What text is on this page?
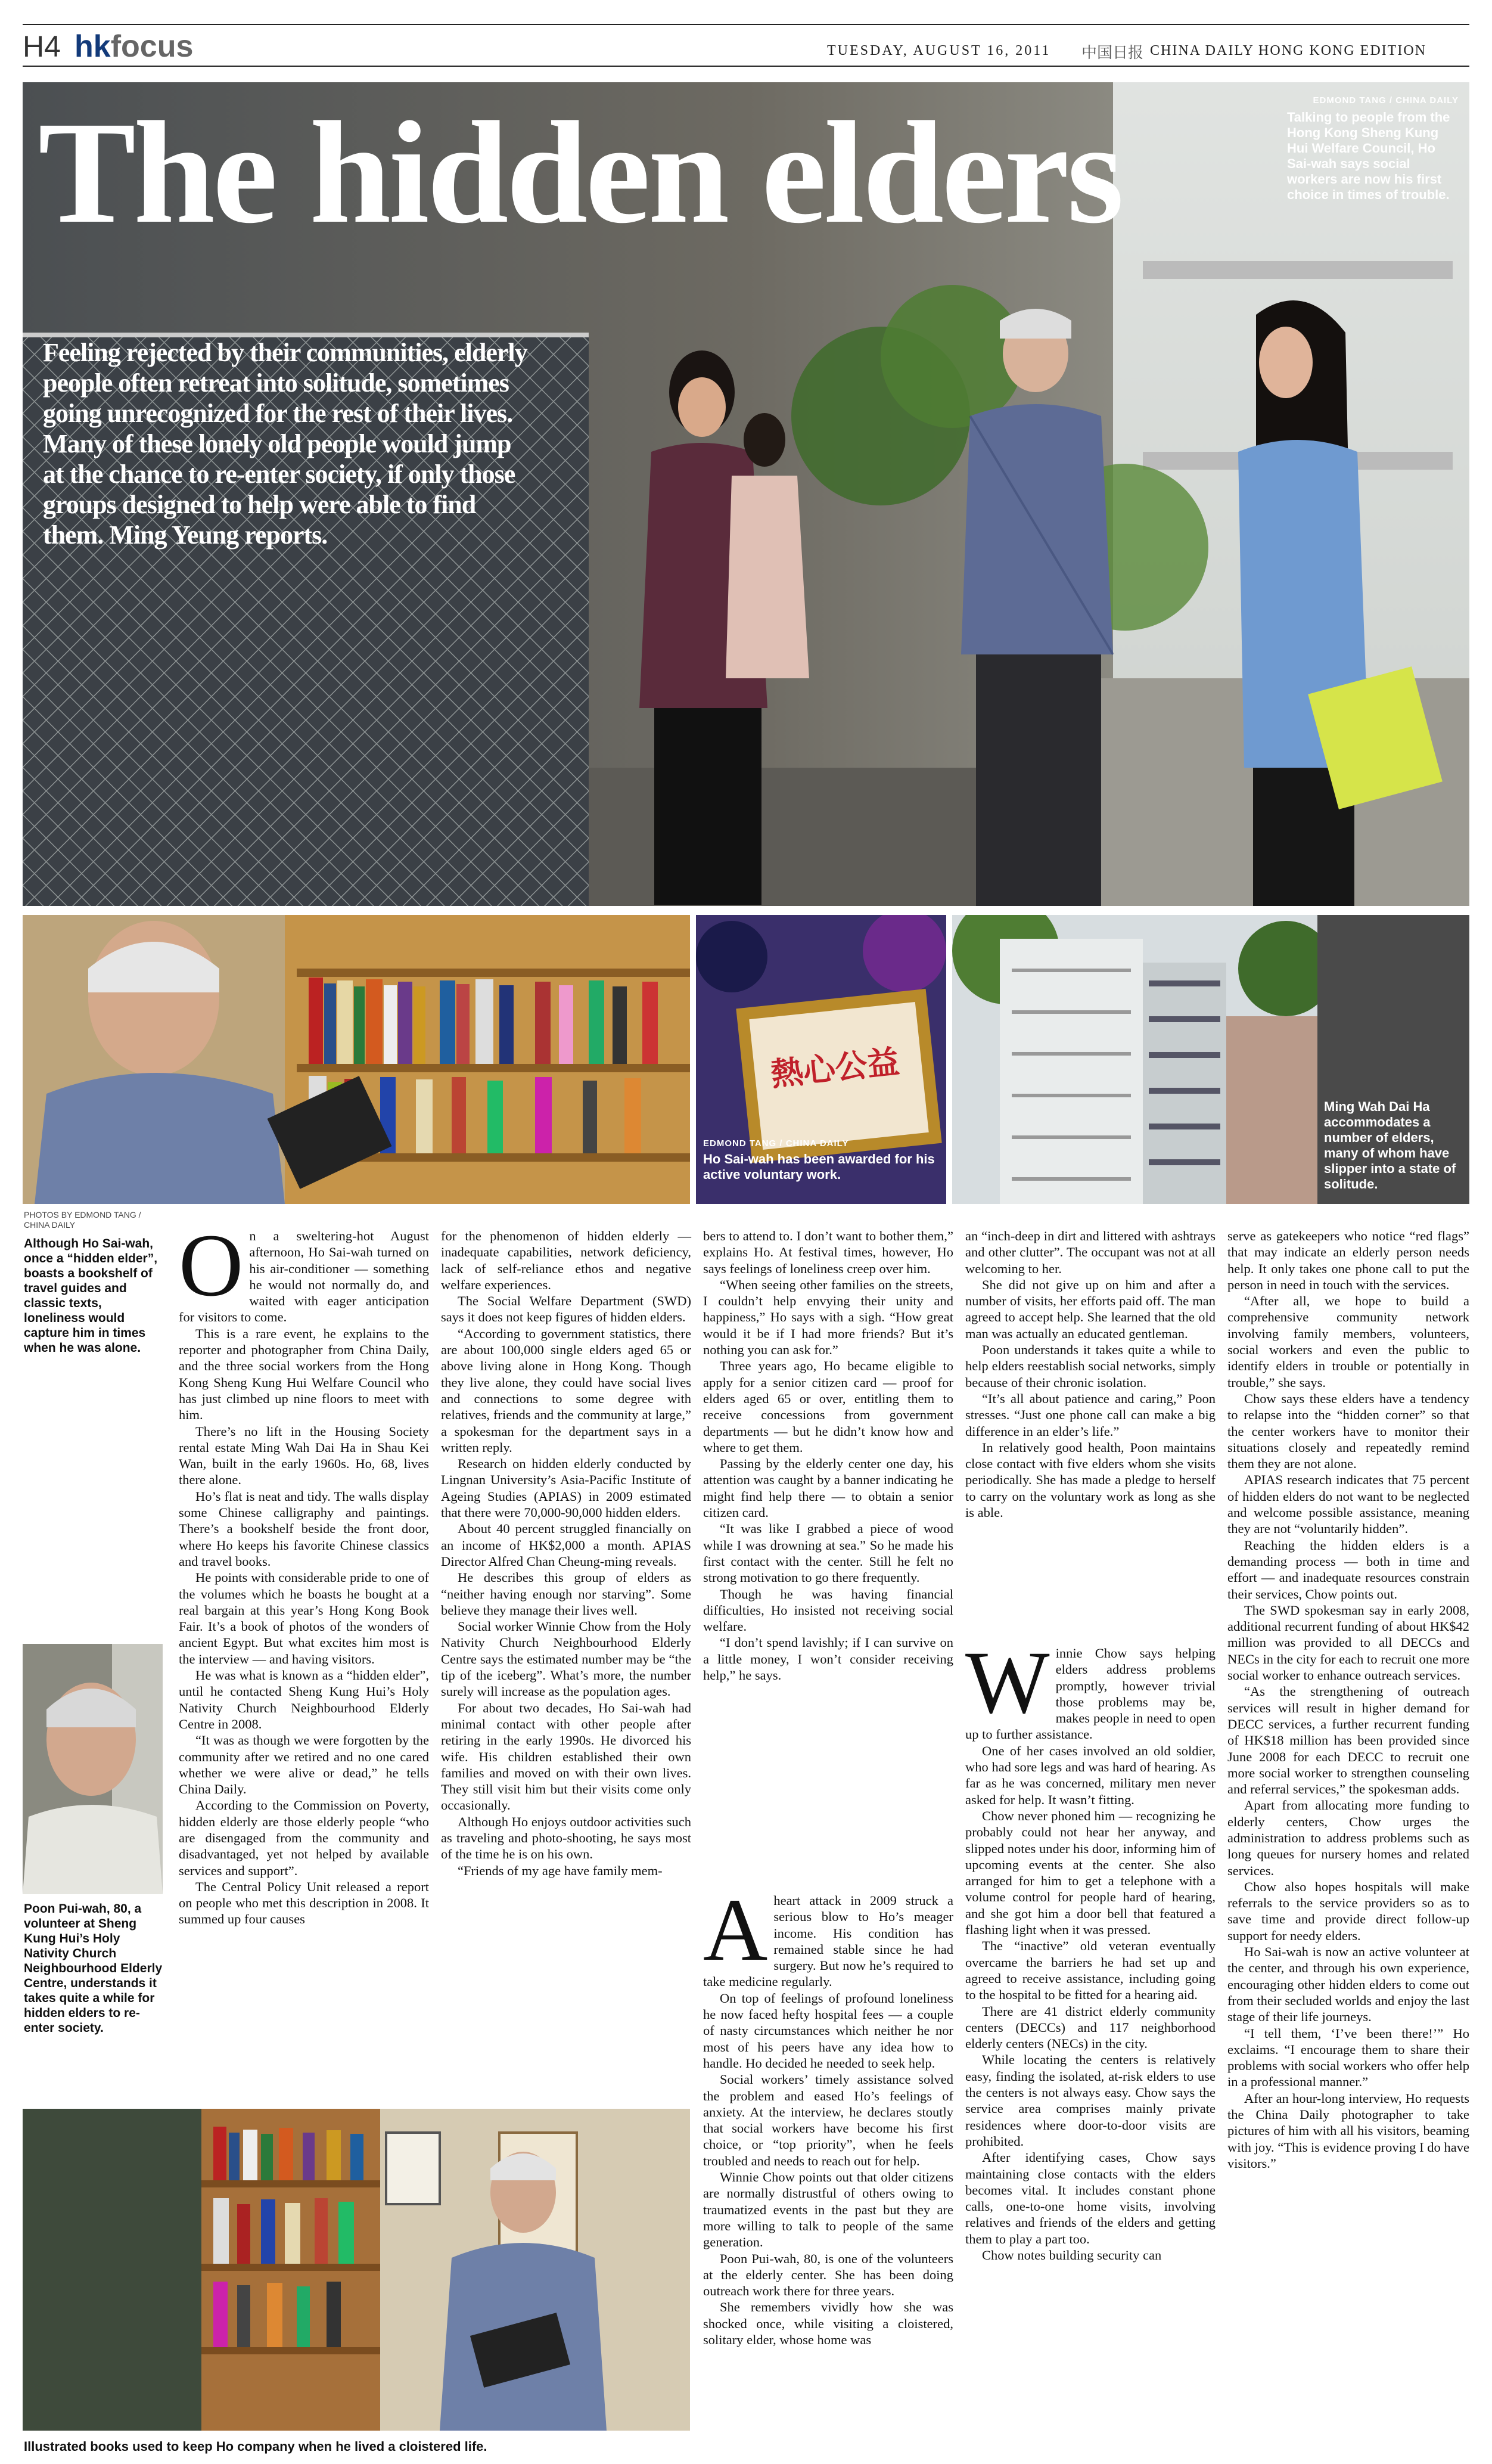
H4 hkfocus	TUESDAY, AUGUST 16, 2011 中国日报 CHINA DAILY HONG KONG EDITION
The hidden elders
Feeling rejected by their communities, elderly people often retreat into solitude, sometimes going unrecognized for the rest of their lives. Many of these lonely old people would jump at the chance to re-enter society, if only those groups designed to help were able to find them. Ming Yeung reports.
EDMOND TANG / CHINA DAILY
Talking to people from the Hong Kong Sheng Kung Hui Welfare Council, Ho Sai-wah says social workers are now his first choice in times of trouble.
熱心公益
EDMOND TANG / CHINA DAILY
Ho Sai-wah has been awarded for his active voluntary work.
Ming Wah Dai Ha accommodates a number of elders, many of whom have slipper into a state of solitude.
PHOTOS BY EDMOND TANG / CHINA DAILY
Although Ho Sai-wah, once a “hidden elder”, boasts a bookshelf of travel guides and classic texts, loneliness would capture him in times when he was alone.
Poon Pui-wah, 80, a volunteer at Sheng Kung Hui’s Holy Nativity Church Neighbourhood Elderly Centre, understands it takes quite a while for hidden elders to re-enter society.
Illustrated books used to keep Ho company when he lived a cloistered life.
O n a sweltering-hot August afternoon, Ho Sai-wah turned on his air-conditioner — something he would not normally do, and waited with eager anticipation for visitors to come.

This is a rare event, he explains to the reporter and photographer from China Daily, and the three social workers from the Hong Kong Sheng Kung Hui Welfare Council who has just climbed up nine floors to meet with him.

There’s no lift in the Housing Society rental estate Ming Wah Dai Ha in Shau Kei Wan, built in the early 1960s. Ho, 68, lives there alone.

Ho’s flat is neat and tidy. The walls display some Chinese calligraphy and paintings. There’s a bookshelf beside the front door, where Ho keeps his favorite Chinese classics and travel books.

He points with considerable pride to one of the volumes which he boasts he bought at a real bargain at this year’s Hong Kong Book Fair. It’s a book of photos of the wonders of ancient Egypt. But what excites him most is the interview — and having visitors.

He was what is known as a “hidden elder”, until he contacted Sheng Kung Hui’s Holy Nativity Church Neighbourhood Elderly Centre in 2008.

“It was as though we were forgotten by the community after we retired and no one cared whether we were alive or dead,” he tells China Daily.

According to the Commission on Poverty, hidden elderly are those elderly people “who are disengaged from the community and disadvantaged, yet not helped by available services and support”.

The Central Policy Unit released a report on people who met this description in 2008. It summed up four causes

for the phenomenon of hidden elderly — inadequate capabilities, network deficiency, lack of self-reliance ethos and negative welfare experiences.

The Social Welfare Department (SWD) says it does not keep figures of hidden elders.

“According to government statistics, there are about 100,000 single elders aged 65 or above living alone in Hong Kong. Though they live alone, they could have social lives and connections to some degree with relatives, friends and the community at large,” a spokesman for the department says in a written reply.

Research on hidden elderly conducted by Lingnan University’s Asia-Pacific Institute of Ageing Studies (APIAS) in 2009 estimated that there were 70,000-90,000 hidden elders.

About 40 percent struggled financially on an income of HK$2,000 a month. APIAS Director Alfred Chan Cheung-ming reveals.

He describes this group of elders as “neither having enough nor starving”. Some believe they manage their lives well.

Social worker Winnie Chow from the Holy Nativity Church Neighbourhood Elderly Centre says the estimated number may be “the tip of the iceberg”. What’s more, the number surely will increase as the population ages.

For about two decades, Ho Sai-wah had minimal contact with other people after retiring in the early 1990s. He divorced his wife. His children established their own families and moved on with their own lives. They still visit him but their visits come only occasionally.

Although Ho enjoys outdoor activities such as traveling and photo-shooting, he says most of the time he is on his own.

“Friends of my age have family mem-

bers to attend to. I don’t want to bother them,” explains Ho. At festival times, however, Ho says feelings of loneliness creep over him.

“When seeing other families on the streets, I couldn’t help envying their unity and happiness,” Ho says with a sigh. “How great would it be if I had more friends? But it’s nothing you can ask for.”

Three years ago, Ho became eligible to apply for a senior citizen card — proof for elders aged 65 or over, entitling them to receive concessions from government departments — but he didn’t know how and where to get them.

Passing by the elderly center one day, his attention was caught by a banner indicating he might find help there — to obtain a senior citizen card.

“It was like I grabbed a piece of wood while I was drowning at sea.” So he made his first contact with the center. Still he felt no strong motivation to go there frequently.

Though he was having financial difficulties, Ho insisted not receiving social welfare.

“I don’t spend lavishly; if I can survive on a little money, I won’t consider receiving help,” he says.

A heart attack in 2009 struck a serious blow to Ho’s meager income. His condition has remained stable since he had surgery. But now he’s required to take medicine regularly.

On top of feelings of profound loneliness he now faced hefty hospital fees — a couple of nasty circumstances which neither he nor most of his peers have any idea how to handle. Ho decided he needed to seek help.

Social workers’ timely assistance solved the problem and eased Ho’s feelings of anxiety. At the interview, he declares stoutly that social workers have become his first choice, or “top priority”, when he feels troubled and needs to reach out for help.

Winnie Chow points out that older citizens are normally distrustful of others owing to traumatized events in the past but they are more willing to talk to people of the same generation.

Poon Pui-wah, 80, is one of the volunteers at the elderly center. She has been doing outreach work there for three years.

She remembers vividly how she was shocked once, while visiting a cloistered, solitary elder, whose home was

an “inch-deep in dirt and littered with ashtrays and other clutter”. The occupant was not at all welcoming to her.

She did not give up on him and after a number of visits, her efforts paid off. The man agreed to accept help. She learned that the old man was actually an educated gentleman.

Poon understands it takes quite a while to help elders reestablish social networks, simply because of their chronic isolation.

“It’s all about patience and caring,” Poon stresses. “Just one phone call can make a big difference in an elder’s life.”

In relatively good health, Poon maintains close contact with five elders whom she visits periodically. She has made a pledge to herself to carry on the voluntary work as long as she is able.

W innie Chow says helping elders address problems promptly, however trivial those problems may be, makes people in need to open up to further assistance.

One of her cases involved an old soldier, who had sore legs and was hard of hearing. As far as he was concerned, military men never asked for help. It wasn’t fitting.

Chow never phoned him — recognizing he probably could not hear her anyway, and slipped notes under his door, informing him of upcoming events at the center. She also arranged for him to get a telephone with a volume control for people hard of hearing, and she got him a door bell that featured a flashing light when it was pressed.

The “inactive” old veteran eventually overcame the barriers he had set up and agreed to receive assistance, including going to the hospital to be fitted for a hearing aid.

There are 41 district elderly community centers (DECCs) and 117 neighborhood elderly centers (NECs) in the city.

While locating the centers is relatively easy, finding the isolated, at-risk elders to use the centers is not always easy. Chow says the service area comprises mainly private residences where door-to-door visits are prohibited.

After identifying cases, Chow says maintaining close contacts with the elders becomes vital. It includes constant phone calls, one-to-one home visits, involving relatives and friends of the elders and getting them to play a part too.

Chow notes building security can

serve as gatekeepers who notice “red flags” that may indicate an elderly person needs help. It only takes one phone call to put the person in need in touch with the services.

“After all, we hope to build a comprehensive community network involving family members, volunteers, social workers and even the public to identify elders in trouble or potentially in trouble,” she says.

Chow says these elders have a tendency to relapse into the “hidden corner” so that the center workers have to monitor their situations closely and repeatedly remind them they are not alone.

APIAS research indicates that 75 percent of hidden elders do not want to be neglected and welcome possible assistance, meaning they are not “voluntarily hidden”.

Reaching the hidden elders is a demanding process — both in time and effort — and inadequate resources constrain their services, Chow points out.

The SWD spokesman say in early 2008, additional recurrent funding of about HK$42 million was provided to all DECCs and NECs in the city for each to recruit one more social worker to enhance outreach services.

“As the strengthening of outreach services will result in higher demand for DECC services, a further recurrent funding of HK$18 million has been provided since June 2008 for each DECC to recruit one more social worker to strengthen counseling and referral services,” the spokesman adds.

Apart from allocating more funding to elderly centers, Chow urges the administration to address problems such as long queues for nursery homes and related services.

Chow also hopes hospitals will make referrals to the service providers so as to save time and provide direct follow-up support for needy elders.

Ho Sai-wah is now an active volunteer at the center, and through his own experience, encouraging other hidden elders to come out from their secluded worlds and enjoy the last stage of their life journeys.

“I tell them, ‘I’ve been there!’” Ho exclaims. “I encourage them to share their problems with social workers who offer help in a professional manner.”

After an hour-long interview, Ho requests the China Daily photographer to take pictures of him with all his visitors, beaming with joy. “This is evidence proving I do have visitors.”
